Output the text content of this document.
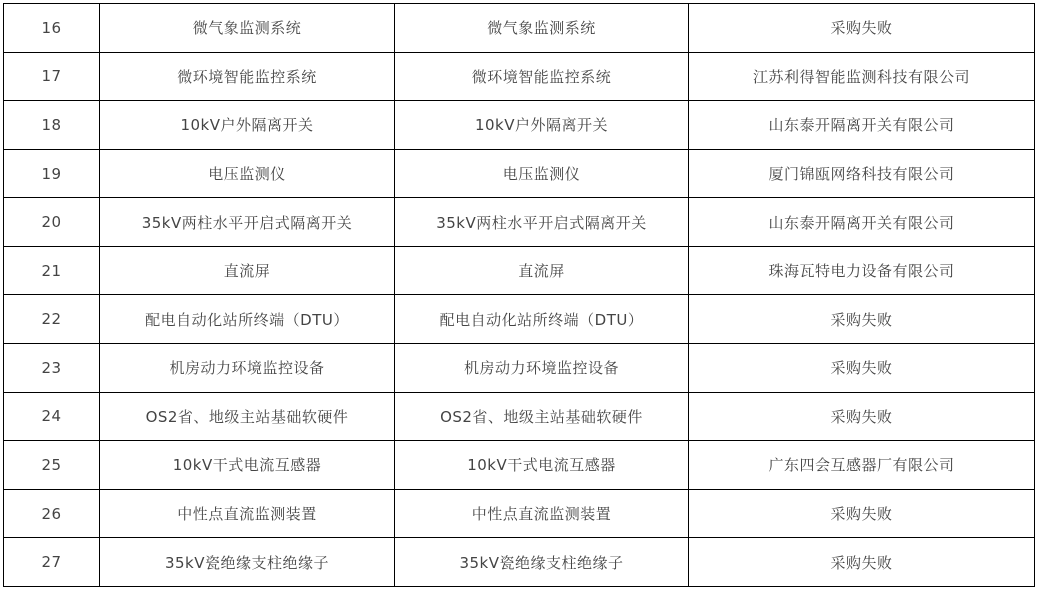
16	微气象监测系统	微气象监测系统	采购失败
17	微环境智能监控系统	微环境智能监控系统	江苏利得智能监测科技有限公司
18	10kV户外隔离开关	10kV户外隔离开关	山东泰开隔离开关有限公司
19	电压监测仪	电压监测仪	厦门锦瓯网络科技有限公司
20	35kV两柱水平开启式隔离开关	35kV两柱水平开启式隔离开关	山东泰开隔离开关有限公司
21	直流屏	直流屏	珠海瓦特电力设备有限公司
22	配电自动化站所终端（DTU）	配电自动化站所终端（DTU）	采购失败
23	机房动力环境监控设备	机房动力环境监控设备	采购失败
24	OS2省、地级主站基础软硬件	OS2省、地级主站基础软硬件	采购失败
25	10kV干式电流互感器	10kV干式电流互感器	广东四会互感器厂有限公司
26	中性点直流监测装置	中性点直流监测装置	采购失败
27	35kV瓷绝缘支柱绝缘子	35kV瓷绝缘支柱绝缘子	采购失败
